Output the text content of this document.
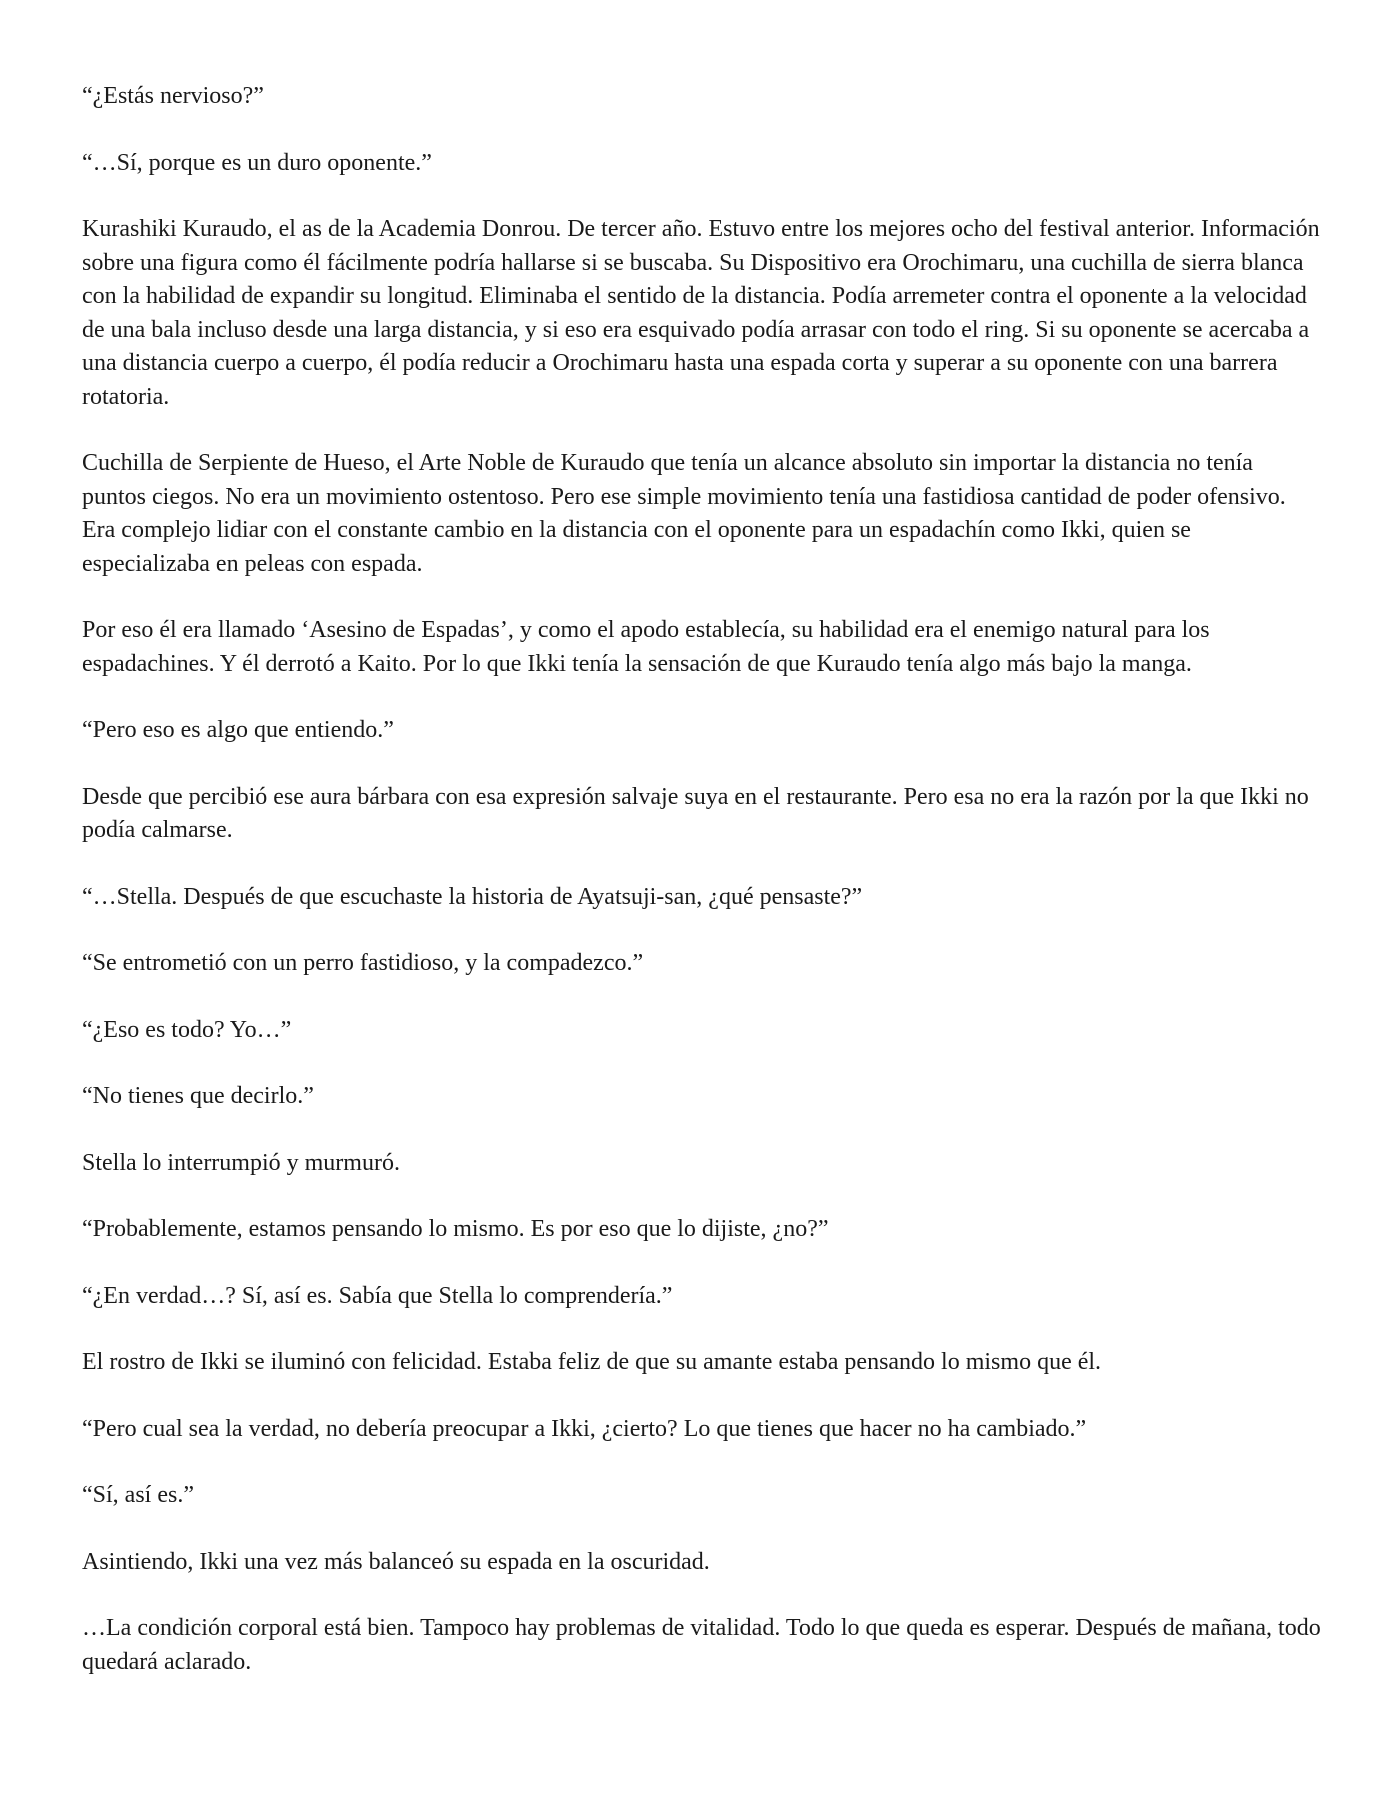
“¿Estás nervioso?”

“…Sí, porque es un duro oponente.”

Kurashiki Kuraudo, el as de la Academia Donrou. De tercer año. Estuvo entre los mejores ocho del festival anterior. Información sobre una figura como él fácilmente podría hallarse si se buscaba. Su Dispositivo era Orochimaru, una cuchilla de sierra blanca con la habilidad de expandir su longitud. Eliminaba el sentido de la distancia. Podía arremeter contra el oponente a la velocidad de una bala incluso desde una larga distancia, y si eso era esquivado podía arrasar con todo el ring. Si su oponente se acercaba a una distancia cuerpo a cuerpo, él podía reducir a Orochimaru hasta una espada corta y superar a su oponente con una barrera rotatoria.

Cuchilla de Serpiente de Hueso, el Arte Noble de Kuraudo que tenía un alcance absoluto sin importar la distancia no tenía puntos ciegos. No era un movimiento ostentoso. Pero ese simple movimiento tenía una fastidiosa cantidad de poder ofensivo. Era complejo lidiar con el constante cambio en la distancia con el oponente para un espadachín como Ikki, quien se especializaba en peleas con espada.

Por eso él era llamado ‘Asesino de Espadas’, y como el apodo establecía, su habilidad era el enemigo natural para los espadachines. Y él derrotó a Kaito. Por lo que Ikki tenía la sensación de que Kuraudo tenía algo más bajo la manga.

“Pero eso es algo que entiendo.”

Desde que percibió ese aura bárbara con esa expresión salvaje suya en el restaurante. Pero esa no era la razón por la que Ikki no podía calmarse.

“…Stella. Después de que escuchaste la historia de Ayatsuji-san, ¿qué pensaste?”

“Se entrometió con un perro fastidioso, y la compadezco.”

“¿Eso es todo? Yo…”

“No tienes que decirlo.”

Stella lo interrumpió y murmuró.

“Probablemente, estamos pensando lo mismo. Es por eso que lo dijiste, ¿no?”

“¿En verdad…? Sí, así es. Sabía que Stella lo comprendería.”

El rostro de Ikki se iluminó con felicidad. Estaba feliz de que su amante estaba pensando lo mismo que él.

“Pero cual sea la verdad, no debería preocupar a Ikki, ¿cierto? Lo que tienes que hacer no ha cambiado.”

“Sí, así es.”

Asintiendo, Ikki una vez más balanceó su espada en la oscuridad.

…La condición corporal está bien. Tampoco hay problemas de vitalidad. Todo lo que queda es esperar. Después de mañana, todo quedará aclarado.
